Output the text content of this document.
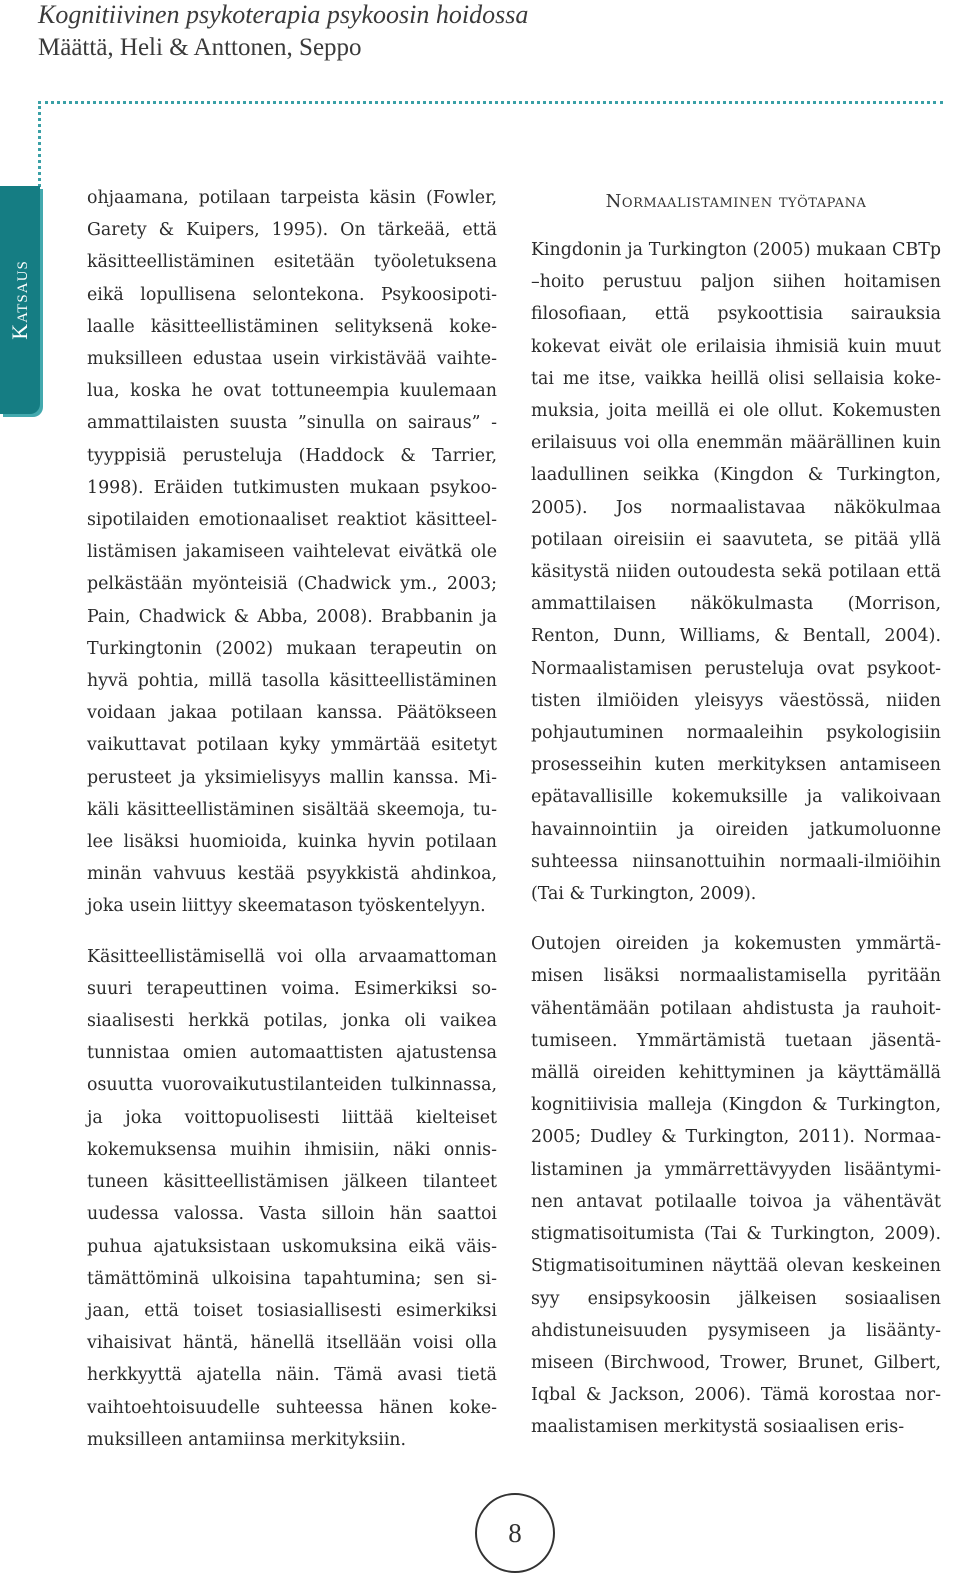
Kognitiivinen psykoterapia psykoosin hoidossa
Määttä, Heli & Anttonen, Seppo
Katsaus

ohjaamana, potilaan tarpeista käsin (Fowler, Garety & Kuipers, 1995). On tärkeää, että käsitteellistäminen esitetään työoletuksena eikä lopullisena selontekona. Psykoosipotilaalle käsitteellistäminen selityksenä kokemuksilleen edustaa usein virkistävää vaihtelua, koska he ovat tottuneempia kuulemaan ammattilaisten suusta ”sinulla on sairaus” -tyyppisiä perusteluja (Haddock & Tarrier, 1998). Eräiden tutkimusten mukaan psykoosipotilaiden emotionaaliset reaktiot käsitteellistämisen jakamiseen vaihtelevat eivätkä ole pelkästään myönteisiä (Chadwick ym., 2003; Pain, Chadwick & Abba, 2008). Brabbanin ja Turkingtonin (2002) mukaan terapeutin on hyvä pohtia, millä tasolla käsitteellistäminen voidaan jakaa potilaan kanssa. Päätökseen vaikuttavat potilaan kyky ymmärtää esitetyt perusteet ja yksimielisyys mallin kanssa. Mikäli käsitteellistäminen sisältää skeemoja, tulee lisäksi huomioida, kuinka hyvin potilaan minän vahvuus kestää psyykkistä ahdinkoa, joka usein liittyy skeematason työskentelyyn.

Käsitteellistämisellä voi olla arvaamattoman suuri terapeuttinen voima. Esimerkiksi sosiaalisesti herkkä potilas, jonka oli vaikea tunnistaa omien automaattisten ajatustensa osuutta vuorovaikutustilanteiden tulkinnassa, ja joka voittopuolisesti liittää kielteiset kokemuksensa muihin ihmisiin, näki onnistuneen käsitteellistämisen jälkeen tilanteet uudessa valossa. Vasta silloin hän saattoi puhua ajatuksistaan uskomuksina eikä väistämättöminä ulkoisina tapahtumina; sen sijaan, että toiset tosiasiallisesti esimerkiksi vihaisivat häntä, hänellä itsellään voisi olla herkkyyttä ajatella näin. Tämä avasi tietä vaihtoehtoisuudelle suhteessa hänen kokemuksilleen antamiinsa merkityksiin.

Normaalistaminen työtapana

Kingdonin ja Turkington (2005) mukaan CBTp –hoito perustuu paljon siihen hoitamisen filosofiaan, että psykoottisia sairauksia kokevat eivät ole erilaisia ihmisiä kuin muut tai me itse, vaikka heillä olisi sellaisia kokemuksia, joita meillä ei ole ollut. Kokemusten erilaisuus voi olla enemmän määrällinen kuin laadullinen seikka (Kingdon & Turkington, 2005). Jos normaalistavaa näkökulmaa potilaan oireisiin ei saavuteta, se pitää yllä käsitystä niiden outoudesta sekä potilaan että ammattilaisen näkökulmasta (Morrison, Renton, Dunn, Williams, & Bentall, 2004). Normaalistamisen perusteluja ovat psykoottisten ilmiöiden yleisyys väestössä, niiden pohjautuminen normaaleihin psykologisiin prosesseihin kuten merkityksen antamiseen epätavallisille kokemuksille ja valikoivaan havainnointiin ja oireiden jatkumoluonne suhteessa niinsanottuihin normaali-ilmiöihin (Tai & Turkington, 2009).

Outojen oireiden ja kokemusten ymmärtämisen lisäksi normaalistamisella pyritään vähentämään potilaan ahdistusta ja rauhoittumiseen. Ymmärtämistä tuetaan jäsentämällä oireiden kehittyminen ja käyttämällä kognitiivisia malleja (Kingdon & Turkington, 2005; Dudley & Turkington, 2011). Normaalistaminen ja ymmärrettävyyden lisääntyminen antavat potilaalle toivoa ja vähentävät stigmatisoitumista (Tai & Turkington, 2009). Stigmatisoituminen näyttää olevan keskeinen syy ensipsykoosin jälkeisen sosiaalisen ahdistuneisuuden pysymiseen ja lisääntymiseen (Birchwood, Trower, Brunet, Gilbert, Iqbal & Jackson, 2006). Tämä korostaa normaalistamisen merkitystä sosiaalisen eris-

8
